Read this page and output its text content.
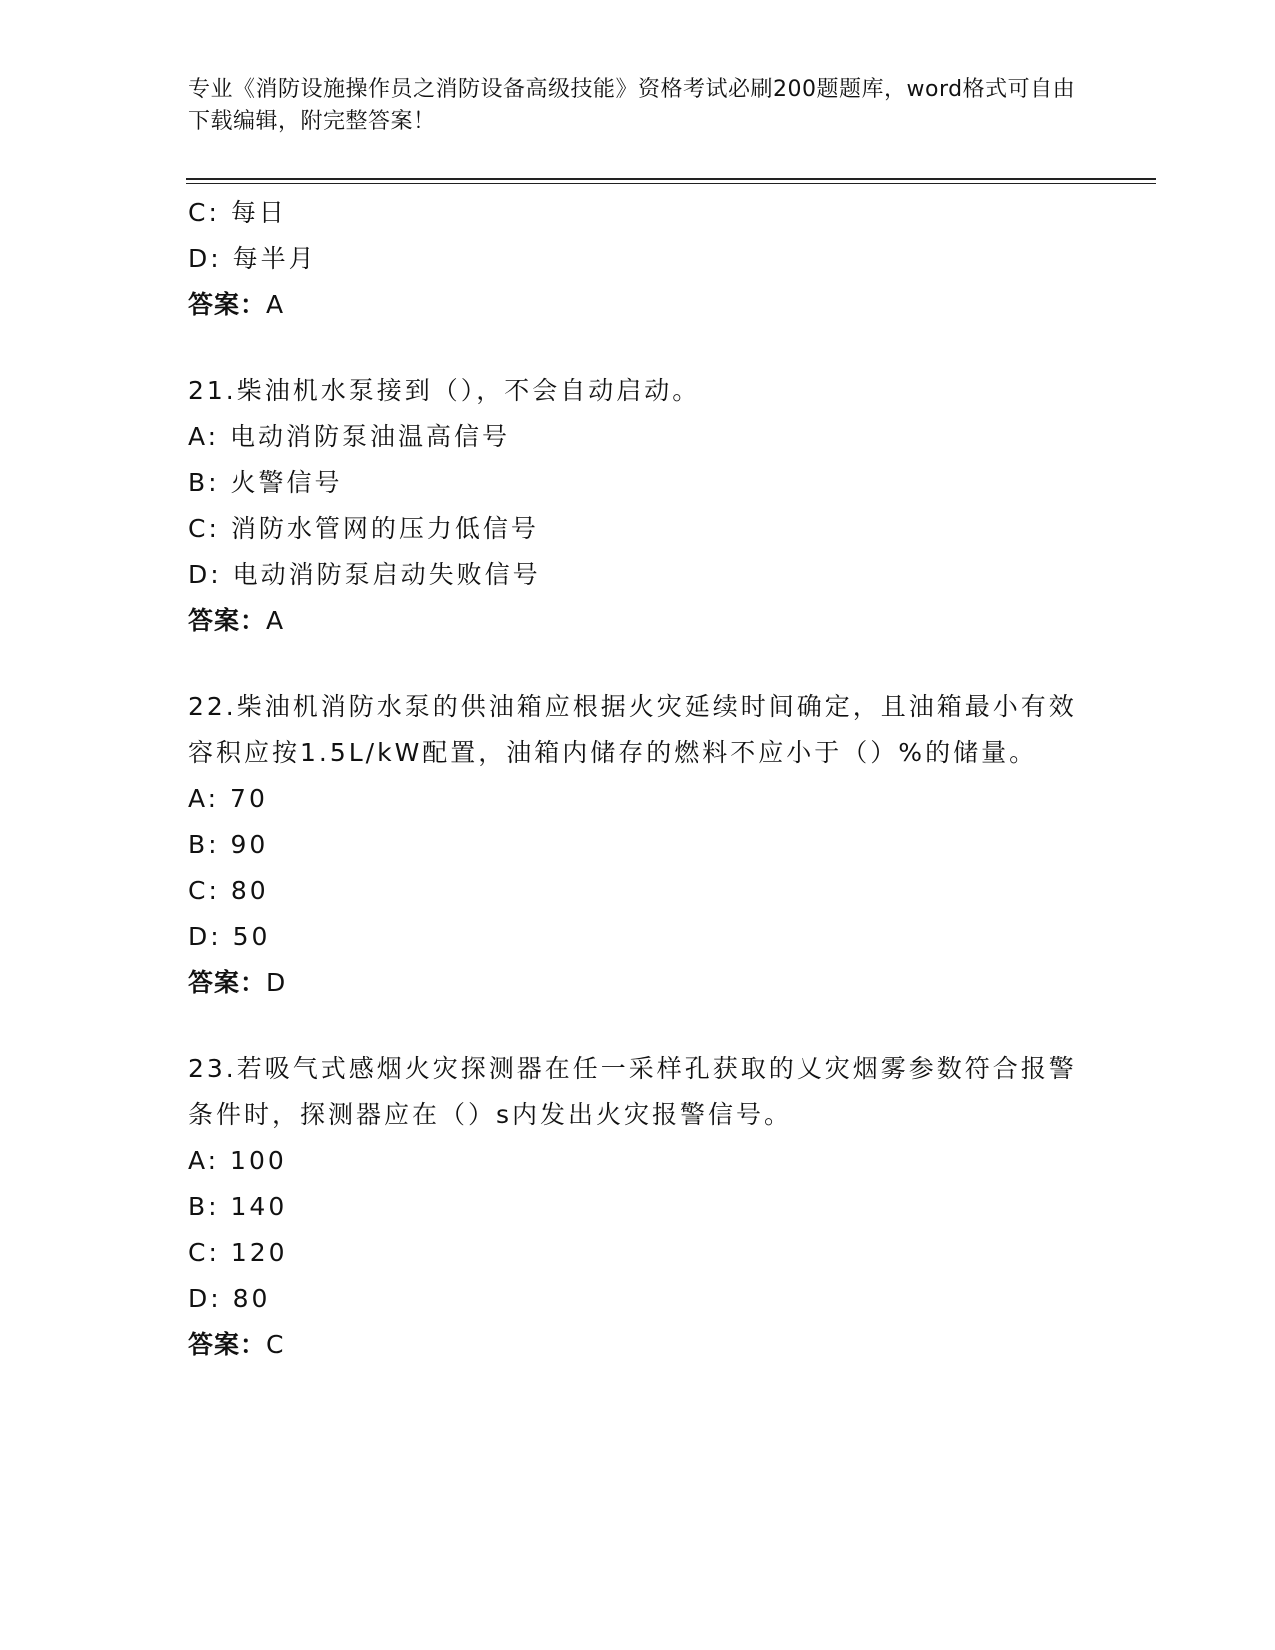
专业《消防设施操作员之消防设备高级技能》资格考试必刷200题题库，word格式可自由下载编辑，附完整答案！
C: 每日
D: 每半月
答案：A
21.柴油机水泵接到（），不会自动启动。
A: 电动消防泵油温高信号
B: 火警信号
C: 消防水管网的压力低信号
D: 电动消防泵启动失败信号
答案：A
22.柴油机消防水泵的供油箱应根据火灾延续时间确定，且油箱最小有效容积应按1.5L/kW配置，油箱内储存的燃料不应小于（）%的储量。
A: 70
B: 90
C: 80
D: 50
答案：D
23.若吸气式感烟火灾探测器在任一采样孔获取的乂灾烟雾参数符合报警条件时，探测器应在（）s内发出火灾报警信号。
A: 100
B: 140
C: 120
D: 80
答案：C
